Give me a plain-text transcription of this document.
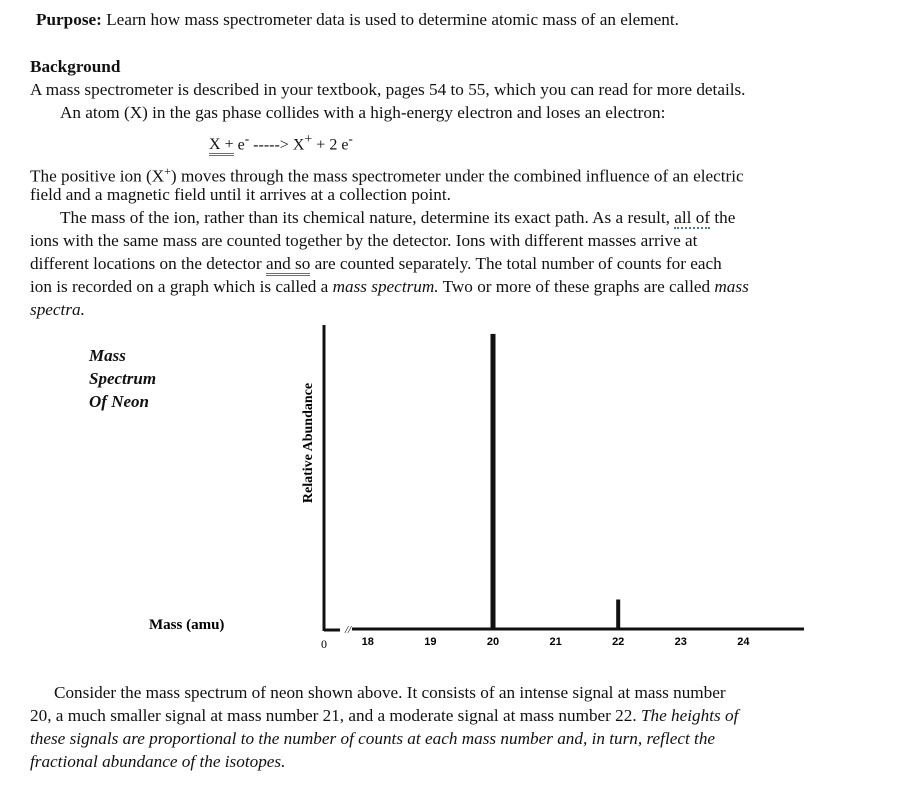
Purpose: Learn how mass spectrometer data is used to determine atomic mass of an element.
Background
A mass spectrometer is described in your textbook, pages 54 to 55, which you can read for more details.
An atom (X) in the gas phase collides with a high-energy electron and loses an electron:
X + e- -----> X+ + 2 e-
The positive ion (X+) moves through the mass spectrometer under the combined influence of an electric
field and a magnetic field until it arrives at a collection point.
The mass of the ion, rather than its chemical nature, determine its exact path. As a result, all of the
ions with the same mass are counted together by the detector. Ions with different masses arrive at
different locations on the detector and so are counted separately. The total number of counts for each
ion is recorded on a graph which is called a mass spectrum. Two or more of these graphs are called mass
spectra.
Mass
Spectrum
Of Neon
//
0
Mass (amu)
Relative Abundance
18	19	20	21	22	23	24
Consider the mass spectrum of neon shown above. It consists of an intense signal at mass number
20, a much smaller signal at mass number 21, and a moderate signal at mass number 22. The heights of
these signals are proportional to the number of counts at each mass number and, in turn, reflect the
fractional abundance of the isotopes.
